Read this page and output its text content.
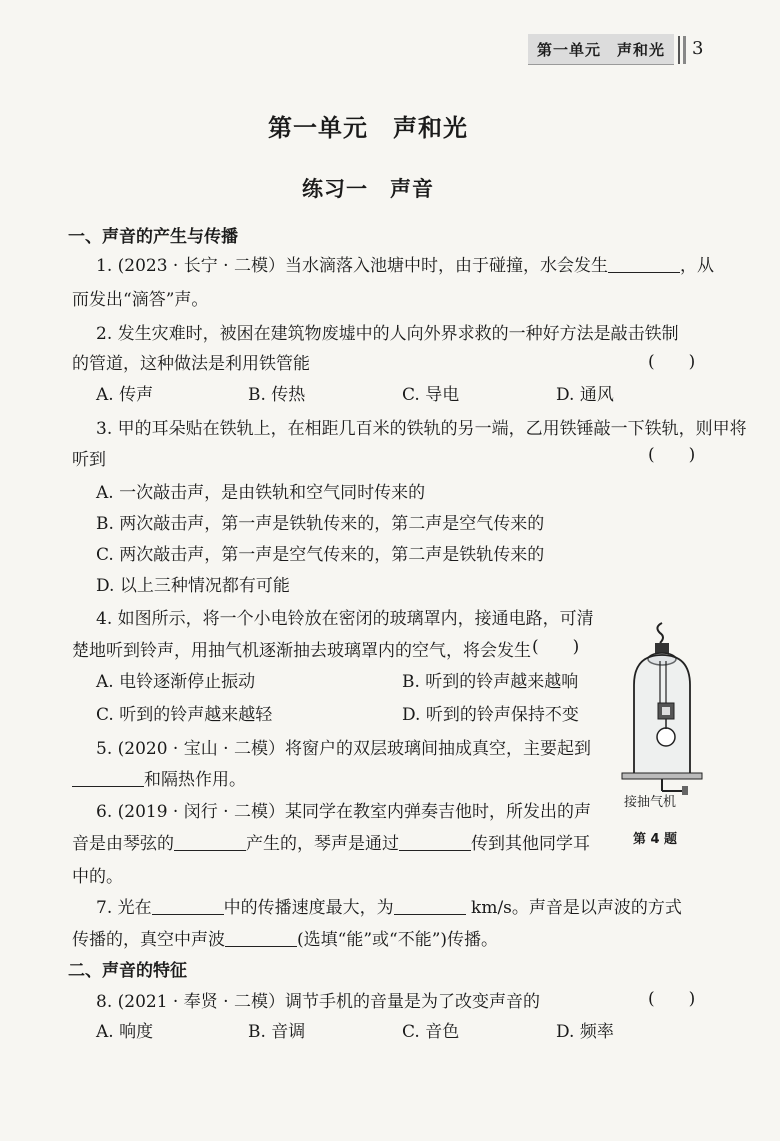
第一单元　声和光	3
第一单元　声和光
练习一　声音
一、声音的产生与传播
1. (2023 · 长宁 · 二模）当水滴落入池塘中时，由于碰撞，水会发生	，从
而发出“滴答”声。
2. 发生灾难时，被困在建筑物废墟中的人向外界求救的一种好方法是敲击铁制
的管道，这种做法是利用铁管能	(　　)
A. 传声	B. 传热	C. 导电	D. 通风
3. 甲的耳朵贴在铁轨上，在相距几百米的铁轨的另一端，乙用铁锤敲一下铁轨，则甲将
听到	(　　)
A. 一次敲击声，是由铁轨和空气同时传来的
B. 两次敲击声，第一声是铁轨传来的，第二声是空气传来的
C. 两次敲击声，第一声是空气传来的，第二声是铁轨传来的
D. 以上三种情况都有可能
4. 如图所示，将一个小电铃放在密闭的玻璃罩内，接通电路，可清
楚地听到铃声，用抽气机逐渐抽去玻璃罩内的空气，将会发生 (　　)
A. 电铃逐渐停止振动	B. 听到的铃声越来越响
C. 听到的铃声越来越轻	D. 听到的铃声保持不变
接抽气机
第 4 题
5. (2020 · 宝山 · 二模）将窗户的双层玻璃间抽成真空，主要起到
和隔热作用。
6. (2019 · 闵行 · 二模）某同学在教室内弹奏吉他时，所发出的声
音是由琴弦的	产生的，琴声是通过	传到其他同学耳
中的。
7. 光在	中的传播速度最大，为	km/s。声音是以声波的方式
传播的，真空中声波	(选填“能”或“不能”)传播。
二、声音的特征
8. (2021 · 奉贤 · 二模）调节手机的音量是为了改变声音的	(　　)
A. 响度	B. 音调	C. 音色	D. 频率
